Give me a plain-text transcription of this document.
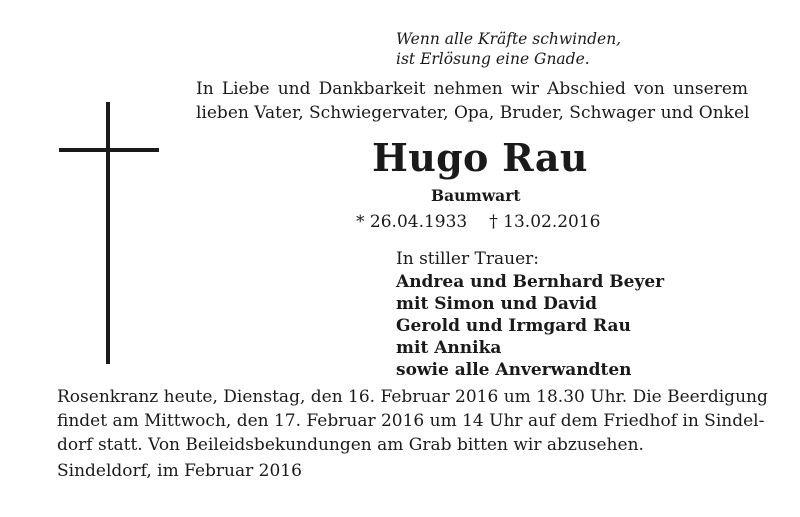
Wenn alle Kräfte schwinden,
ist Erlösung eine Gnade.
In Liebe und Dankbarkeit nehmen wir Abschied von unserem
lieben Vater, Schwiegervater, Opa, Bruder, Schwager und Onkel
Hugo Rau
Baumwart
* 26.04.1933 † 13.02.2016
In stiller Trauer:
Andrea und Bernhard Beyer
mit Simon und David
Gerold und Irmgard Rau
mit Annika
sowie alle Anverwandten
Rosenkranz heute, Dienstag, den 16. Februar 2016 um 18.30 Uhr. Die Beerdigung
findet am Mittwoch, den 17. Februar 2016 um 14 Uhr auf dem Friedhof in Sindel-
dorf statt. Von Beileidsbekundungen am Grab bitten wir abzusehen.
Sindeldorf, im Februar 2016
